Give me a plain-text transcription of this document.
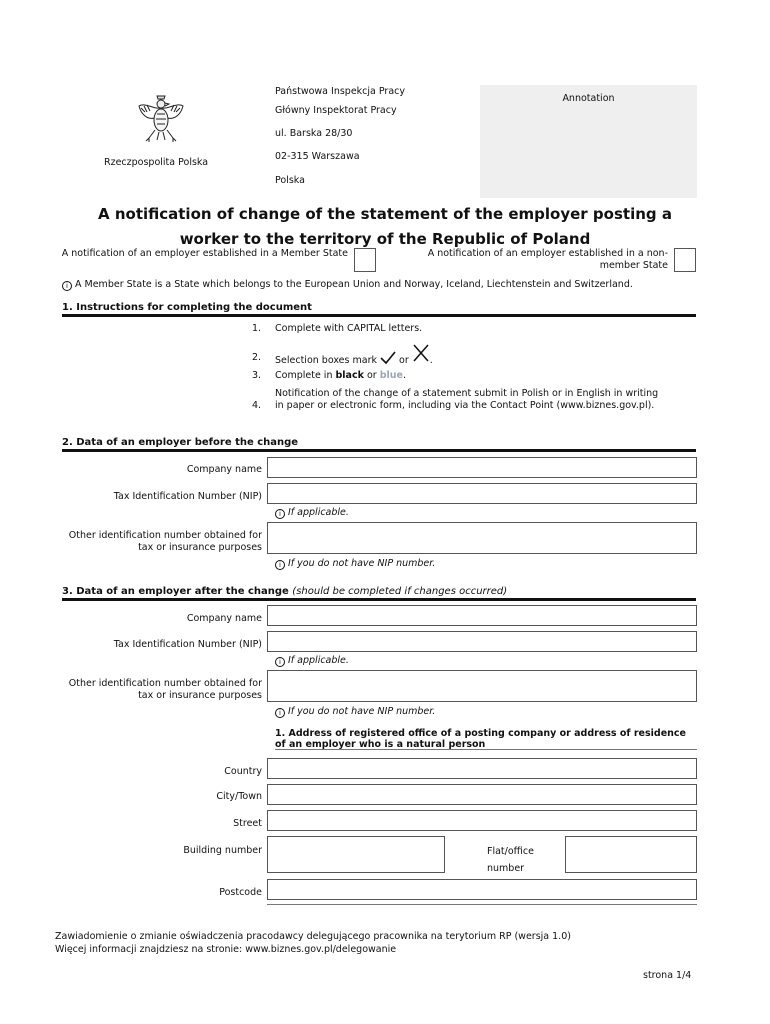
Rzeczpospolita Polska
Państwowa Inspekcja Pracy
Główny Inspektorat Pracy
ul. Barska 28/30
02-315 Warszawa
Polska
Annotation
A notification of change of the statement of the employer posting a
worker to the territory of the Republic of Poland
A notification of an employer established in a Member State	A notification of an employer established in a non-member State
i A Member State is a State which belongs to the European Union and Norway, Iceland, Liechtenstein and Switzerland.
1. Instructions for completing the document
1. Complete with CAPITAL letters.
2. Selection boxes mark or .
3. Complete in black or blue.
4.
Notification of the change of a statement submit in Polish or in English in writing in paper or electronic form, including via the Contact Point (www.biznes.gov.pl).
2. Data of an employer before the change
Company name
Tax Identification Number (NIP)
i If applicable.
Other identification number obtained for tax or insurance purposes
i If you do not have NIP number.
3. Data of an employer after the change (should be completed if changes occurred)
Company name
Tax Identification Number (NIP)
i If applicable.
Other identification number obtained for tax or insurance purposes
i If you do not have NIP number.
1. Address of registered office of a posting company or address of residence of an employer who is a natural person
Country
City/Town
Street
Building number	Flat/office number
Postcode
Zawiadomienie o zmianie oświadczenia pracodawcy delegującego pracownika na terytorium RP (wersja 1.0)
Więcej informacji znajdziesz na stronie: www.biznes.gov.pl/delegowanie
strona 1/4
